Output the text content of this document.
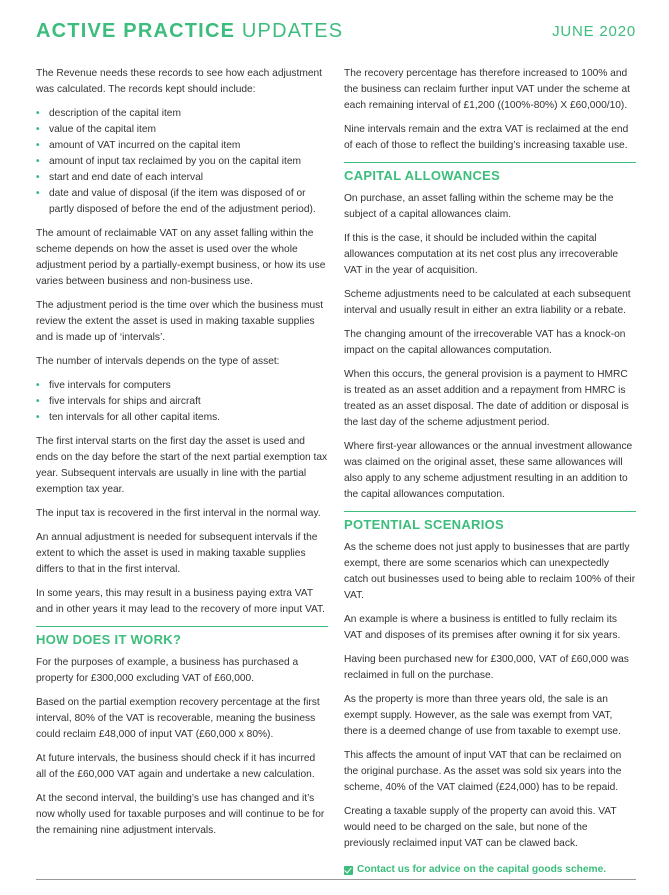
ACTIVE PRACTICE UPDATES	JUNE 2020

The Revenue needs these records to see how each adjustment was calculated. The records kept should include:

• description of the capital item
• value of the capital item
• amount of VAT incurred on the capital item
• amount of input tax reclaimed by you on the capital item
• start and end date of each interval
• date and value of disposal (if the item was disposed of or partly disposed of before the end of the adjustment period).

The amount of reclaimable VAT on any asset falling within the scheme depends on how the asset is used over the whole adjustment period by a partially-exempt business, or how its use varies between business and non-business use.

The adjustment period is the time over which the business must review the extent the asset is used in making taxable supplies and is made up of ‘intervals’.

The number of intervals depends on the type of asset:

• five intervals for computers
• five intervals for ships and aircraft
• ten intervals for all other capital items.

The first interval starts on the first day the asset is used and ends on the day before the start of the next partial exemption tax year. Subsequent intervals are usually in line with the partial exemption tax year.

The input tax is recovered in the first interval in the normal way.

An annual adjustment is needed for subsequent intervals if the extent to which the asset is used in making taxable supplies differs to that in the first interval.

In some years, this may result in a business paying extra VAT and in other years it may lead to the recovery of more input VAT.

HOW DOES IT WORK?

For the purposes of example, a business has purchased a property for £300,000 excluding VAT of £60,000.

Based on the partial exemption recovery percentage at the first interval, 80% of the VAT is recoverable, meaning the business could reclaim £48,000 of input VAT (£60,000 x 80%).

At future intervals, the business should check if it has incurred all of the £60,000 VAT again and undertake a new calculation.

At the second interval, the building’s use has changed and it’s now wholly used for taxable purposes and will continue to be for the remaining nine adjustment intervals.

The recovery percentage has therefore increased to 100% and the business can reclaim further input VAT under the scheme at each remaining interval of £1,200 ((100%-80%) X £60,000/10).

Nine intervals remain and the extra VAT is reclaimed at the end of each of those to reflect the building’s increasing taxable use.

CAPITAL ALLOWANCES

On purchase, an asset falling within the scheme may be the subject of a capital allowances claim.

If this is the case, it should be included within the capital allowances computation at its net cost plus any irrecoverable VAT in the year of acquisition.

Scheme adjustments need to be calculated at each subsequent interval and usually result in either an extra liability or a rebate.

The changing amount of the irrecoverable VAT has a knock-on impact on the capital allowances computation.

When this occurs, the general provision is a payment to HMRC is treated as an asset addition and a repayment from HMRC is treated as an asset disposal. The date of addition or disposal is the last day of the scheme adjustment period.

Where first-year allowances or the annual investment allowance was claimed on the original asset, these same allowances will also apply to any scheme adjustment resulting in an addition to the capital allowances computation.

POTENTIAL SCENARIOS

As the scheme does not just apply to businesses that are partly exempt, there are some scenarios which can unexpectedly catch out businesses used to being able to reclaim 100% of their VAT.

An example is where a business is entitled to fully reclaim its VAT and disposes of its premises after owning it for six years.

Having been purchased new for £300,000, VAT of £60,000 was reclaimed in full on the purchase.

As the property is more than three years old, the sale is an exempt supply. However, as the sale was exempt from VAT, there is a deemed change of use from taxable to exempt use.

This affects the amount of input VAT that can be reclaimed on the original purchase. As the asset was sold six years into the scheme, 40% of the VAT claimed (£24,000) has to be repaid.

Creating a taxable supply of the property can avoid this. VAT would need to be charged on the sale, but none of the previously reclaimed input VAT can be clawed back.

Contact us for advice on the capital goods scheme.
